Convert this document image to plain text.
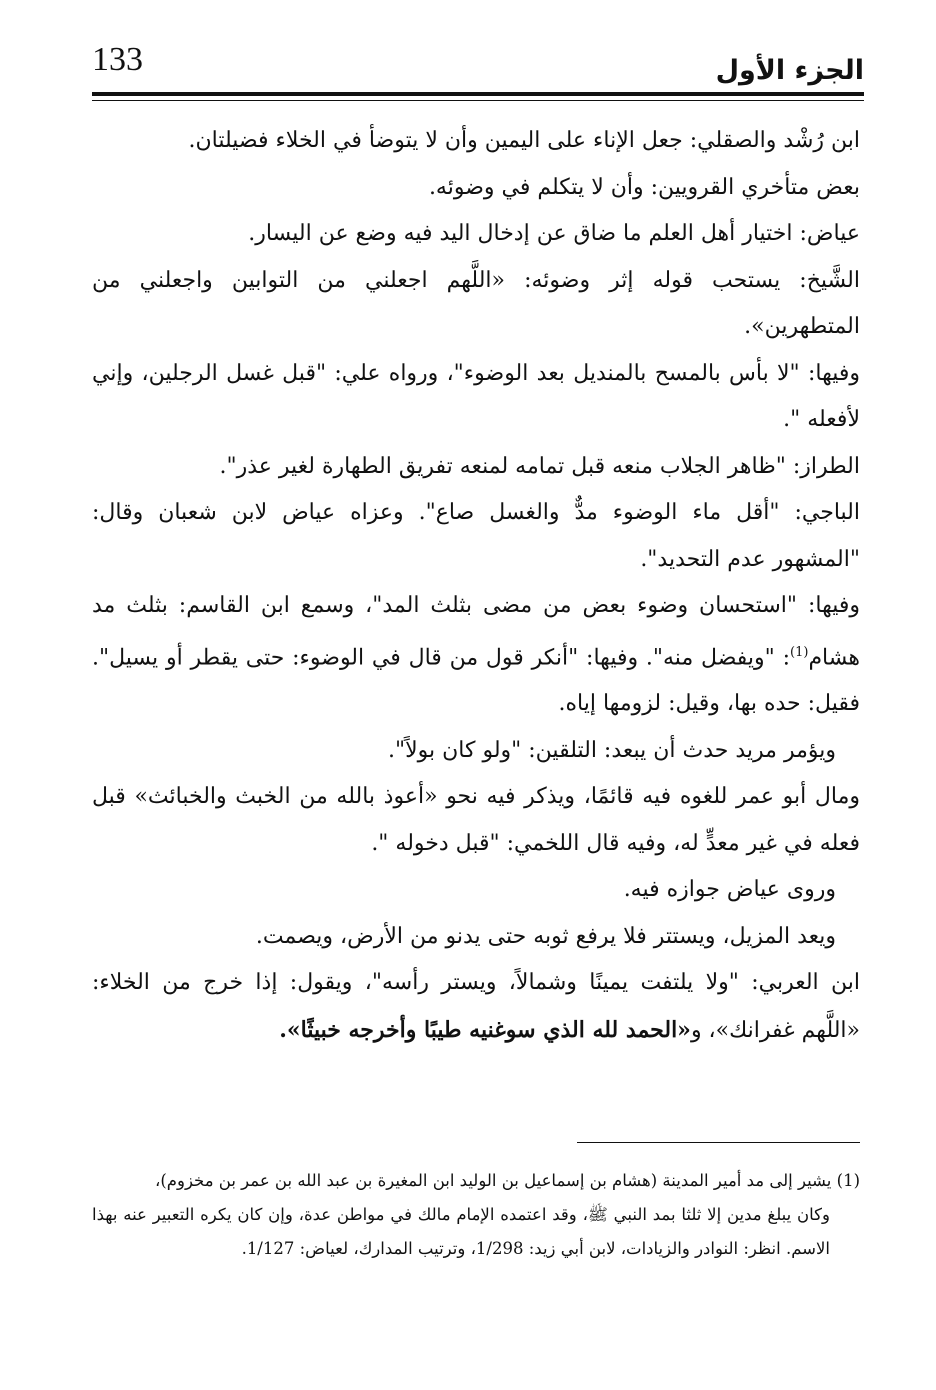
133	الجزء الأول

ابن رُشْد والصقلي: جعل الإناء على اليمين وأن لا يتوضأ في الخلاء فضيلتان.

بعض متأخري القرويين: وأن لا يتكلم في وضوئه.

عياض: اختيار أهل العلم ما ضاق عن إدخال اليد فيه وضع عن اليسار.

الشَّيخ: يستحب قوله إثر وضوئه: «اللَّهم اجعلني من التوابين واجعلني من المتطهرين».

وفيها: "لا بأس بالمسح بالمنديل بعد الوضوء"، ورواه علي: "قبل غسل الرجلين، وإني لأفعله ".

الطراز: "ظاهر الجلاب منعه قبل تمامه لمنعه تفريق الطهارة لغير عذر".

الباجي: "أقل ماء الوضوء مدٌّ والغسل صاع". وعزاه عياض لابن شعبان وقال: "المشهور عدم التحديد".

وفيها: "استحسان وضوء بعض من مضى بثلث المد"، وسمع ابن القاسم: بثلث مد هشام$^{(1)}$: "ويفضل منه". وفيها: "أنكر قول من قال في الوضوء: حتى يقطر أو يسيل". فقيل: حده بها، وقيل: لزومها إياه.

ويؤمر مريد حدث أن يبعد: التلقين: "ولو كان بولاً".

ومال أبو عمر للغوه فيه قائمًا، ويذكر فيه نحو «أعوذ بالله من الخبث والخبائث» قبل فعله في غير معدٍّ له، وفيه قال اللخمي: "قبل دخوله ".

وروى عياض جوازه فيه.

ويعد المزيل، ويستتر فلا يرفع ثوبه حتى يدنو من الأرض، ويصمت.

ابن العربي: "ولا يلتفت يمينًا وشمالاً، ويستر رأسه"، ويقول: إذا خرج من الخلاء: «اللَّهم غفرانك»، و«الحمد لله الذي سوغنيه طيبًا وأخرجه خبيثًا».

(1) يشير إلى مد أمير المدينة (هشام بن إسماعيل بن الوليد ابن المغيرة بن عبد الله بن عمر بن مخزوم)،

وكان يبلغ مدين إلا ثلثا بمد النبي ﷺ، وقد اعتمده الإمام مالك في مواطن عدة، وإن كان يكره التعبير عنه بهذا الاسم. انظر: النوادر والزيادات، لابن أبي زيد: 1/298، وترتيب المدارك، لعياض: 1/127.
